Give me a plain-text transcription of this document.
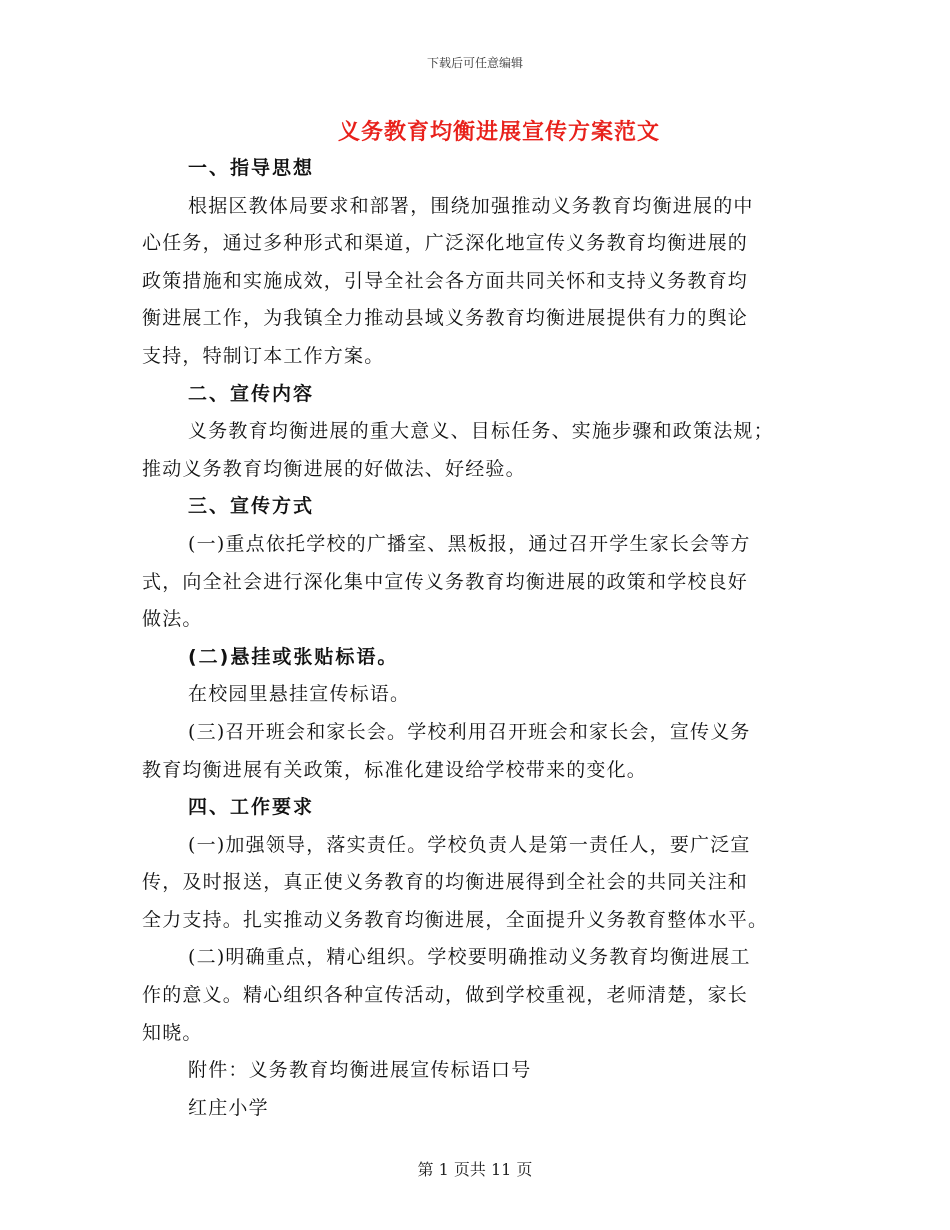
下载后可任意编辑
义务教育均衡进展宣传方案范文
一、指导思想
根据区教体局要求和部署，围绕加强推动义务教育均衡进展的中
心任务，通过多种形式和渠道，广泛深化地宣传义务教育均衡进展的
政策措施和实施成效，引导全社会各方面共同关怀和支持义务教育均
衡进展工作，为我镇全力推动县域义务教育均衡进展提供有力的舆论
支持，特制订本工作方案。
二、宣传内容
义务教育均衡进展的重大意义、目标任务、实施步骤和政策法规；
推动义务教育均衡进展的好做法、好经验。
三、宣传方式
(一)重点依托学校的广播室、黑板报，通过召开学生家长会等方
式，向全社会进行深化集中宣传义务教育均衡进展的政策和学校良好
做法。
(二)悬挂或张贴标语。
在校园里悬挂宣传标语。
(三)召开班会和家长会。学校利用召开班会和家长会，宣传义务
教育均衡进展有关政策，标准化建设给学校带来的变化。
四、工作要求
(一)加强领导，落实责任。学校负责人是第一责任人，要广泛宣
传，及时报送，真正使义务教育的均衡进展得到全社会的共同关注和
全力支持。扎实推动义务教育均衡进展，全面提升义务教育整体水平。
(二)明确重点，精心组织。学校要明确推动义务教育均衡进展工
作的意义。精心组织各种宣传活动，做到学校重视，老师清楚，家长
知晓。
附件：义务教育均衡进展宣传标语口号
红庄小学
第 1 页共 11 页
